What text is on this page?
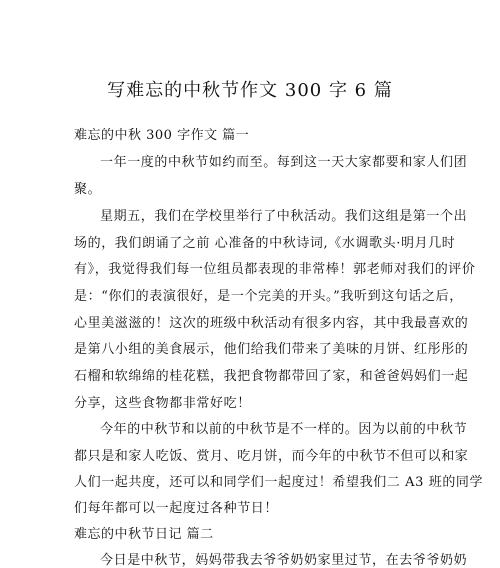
写难忘的中秋节作文 300 字 6 篇
难忘的中秋 300 字作文 篇一
一年一度的中秋节如约而至。每到这一天大家都要和家人们团
聚。
星期五，我们在学校里举行了中秋活动。我们这组是第一个出
场的，我们朗诵了之前 心准备的中秋诗词,《水调歌头·明月几时
有》，我觉得我们每一位组员都表现的非常棒！郭老师对我们的评价
是：“你们的表演很好，是一个完美的开头。”我听到这句话之后，
心里美滋滋的！这次的班级中秋活动有很多内容，其中我最喜欢的
是第八小组的美食展示，他们给我们带来了美味的月饼、红彤彤的
石榴和软绵绵的桂花糕，我把食物都带回了家，和爸爸妈妈们一起
分享，这些食物都非常好吃！
今年的中秋节和以前的中秋节是不一样的。因为以前的中秋节
都只是和家人吃饭、赏月、吃月饼，而今年的中秋节不但可以和家
人们一起共度，还可以和同学们一起度过！希望我们二 A3 班的同学
们每年都可以一起度过各种节日！
难忘的中秋节日记 篇二
今日是中秋节，妈妈带我去爷爷奶奶家里过节，在去爷爷奶奶
